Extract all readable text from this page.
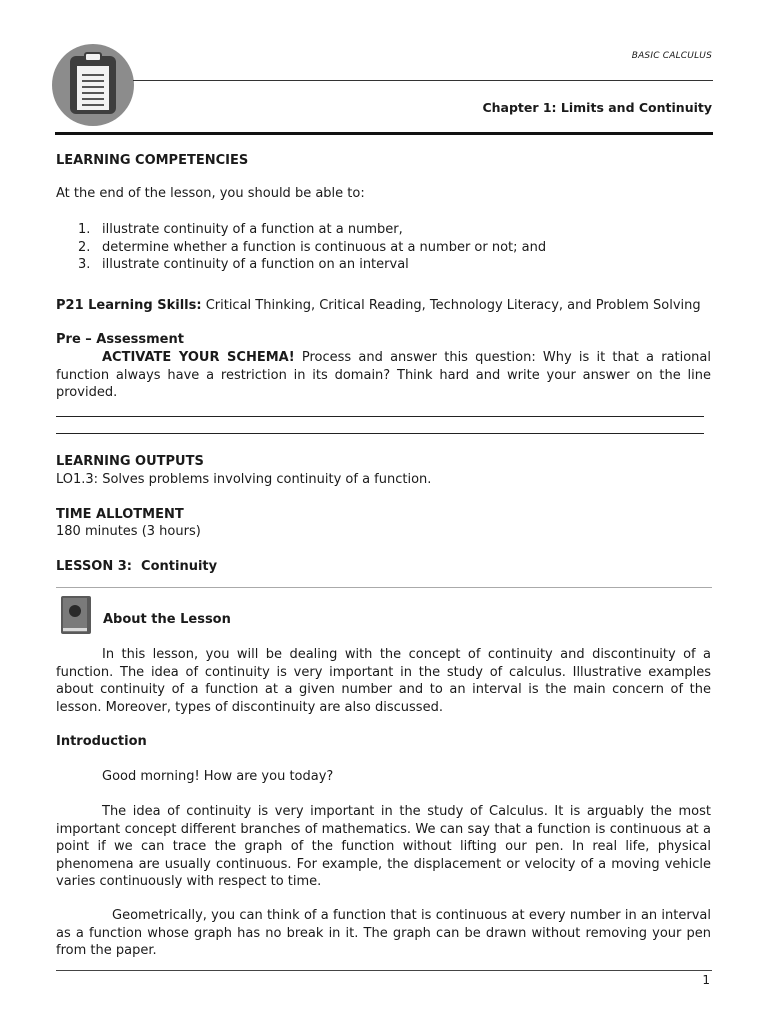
BASIC CALCULUS
Chapter 1: Limits and Continuity
LEARNING COMPETENCIES
At the end of the lesson, you should be able to:
1. illustrate continuity of a function at a number,
2. determine whether a function is continuous at a number or not; and
3. illustrate continuity of a function on an interval
P21 Learning Skills: Critical Thinking, Critical Reading, Technology Literacy, and Problem Solving
Pre – Assessment
ACTIVATE YOUR SCHEMA! Process and answer this question: Why is it that a rational function always have a restriction in its domain? Think hard and write your answer on the line provided.
LEARNING OUTPUTS
LO1.3: Solves problems involving continuity of a function.
TIME ALLOTMENT
180 minutes (3 hours)
LESSON 3:  Continuity
About the Lesson
In this lesson, you will be dealing with the concept of continuity and discontinuity of a function. The idea of continuity is very important in the study of calculus. Illustrative examples about continuity of a function at a given number and to an interval is the main concern of the lesson. Moreover, types of discontinuity are also discussed.
Introduction
Good morning! How are you today?
The idea of continuity is very important in the study of Calculus. It is arguably the most important concept different branches of mathematics. We can say that a function is continuous at a point if we can trace the graph of the function without lifting our pen. In real life, physical phenomena are usually continuous. For example, the displacement or velocity of a moving vehicle varies continuously with respect to time.
Geometrically, you can think of a function that is continuous at every number in an interval as a function whose graph has no break in it. The graph can be drawn without removing your pen from the paper.
1
